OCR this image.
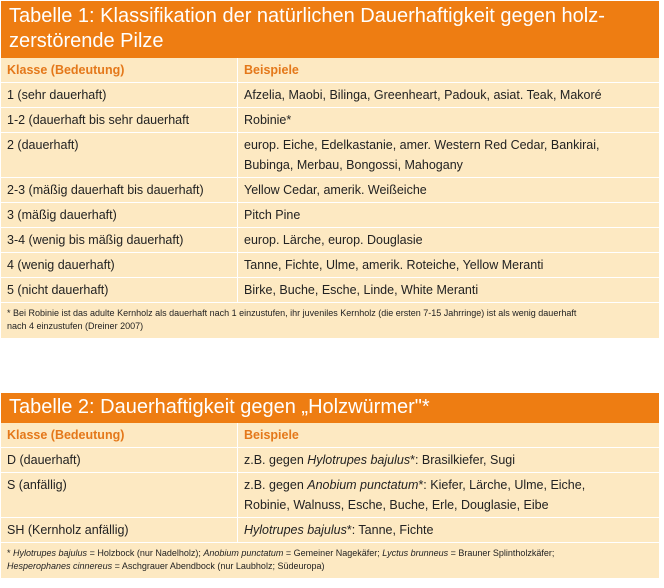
Tabelle 1: Klassifikation der natürlichen Dauerhaftigkeit gegen holz-
zerstörende Pilze
Klasse (Bedeutung)	Beispiele
1 (sehr dauerhaft)	Afzelia, Maobi, Bilinga, Greenheart, Padouk, asiat. Teak, Makoré
1-2 (dauerhaft bis sehr dauerhaft	Robinie*
2 (dauerhaft)	europ. Eiche, Edelkastanie, amer. Western Red Cedar, Bankirai,
Bubinga, Merbau, Bongossi, Mahogany
2-3 (mäßig dauerhaft bis dauerhaft)	Yellow Cedar, amerik. Weißeiche
3 (mäßig dauerhaft)	Pitch Pine
3-4 (wenig bis mäßig dauerhaft)	europ. Lärche, europ. Douglasie
4 (wenig dauerhaft)	Tanne, Fichte, Ulme, amerik. Roteiche, Yellow Meranti
5 (nicht dauerhaft)	Birke, Buche, Esche, Linde, White Meranti
* Bei Robinie ist das adulte Kernholz als dauerhaft nach 1 einzustufen, ihr juveniles Kernholz (die ersten 7-15 Jahrringe) ist als wenig dauerhaft
nach 4 einzustufen (Dreiner 2007)
Tabelle 2: Dauerhaftigkeit gegen „Holzwürmer"*
Klasse (Bedeutung)	Beispiele
D (dauerhaft)	z.B. gegen Hylotrupes bajulus*: Brasilkiefer, Sugi
S (anfällig)	z.B. gegen Anobium punctatum*: Kiefer, Lärche, Ulme, Eiche,
Robinie, Walnuss, Esche, Buche, Erle, Douglasie, Eibe
SH (Kernholz anfällig)	Hylotrupes bajulus*: Tanne, Fichte
* Hylotrupes bajulus = Holzbock (nur Nadelholz); Anobium punctatum = Gemeiner Nagekäfer; Lyctus brunneus = Brauner Splintholzkäfer;
Hesperophanes cinnereus = Aschgrauer Abendbock (nur Laubholz; Südeuropa)
